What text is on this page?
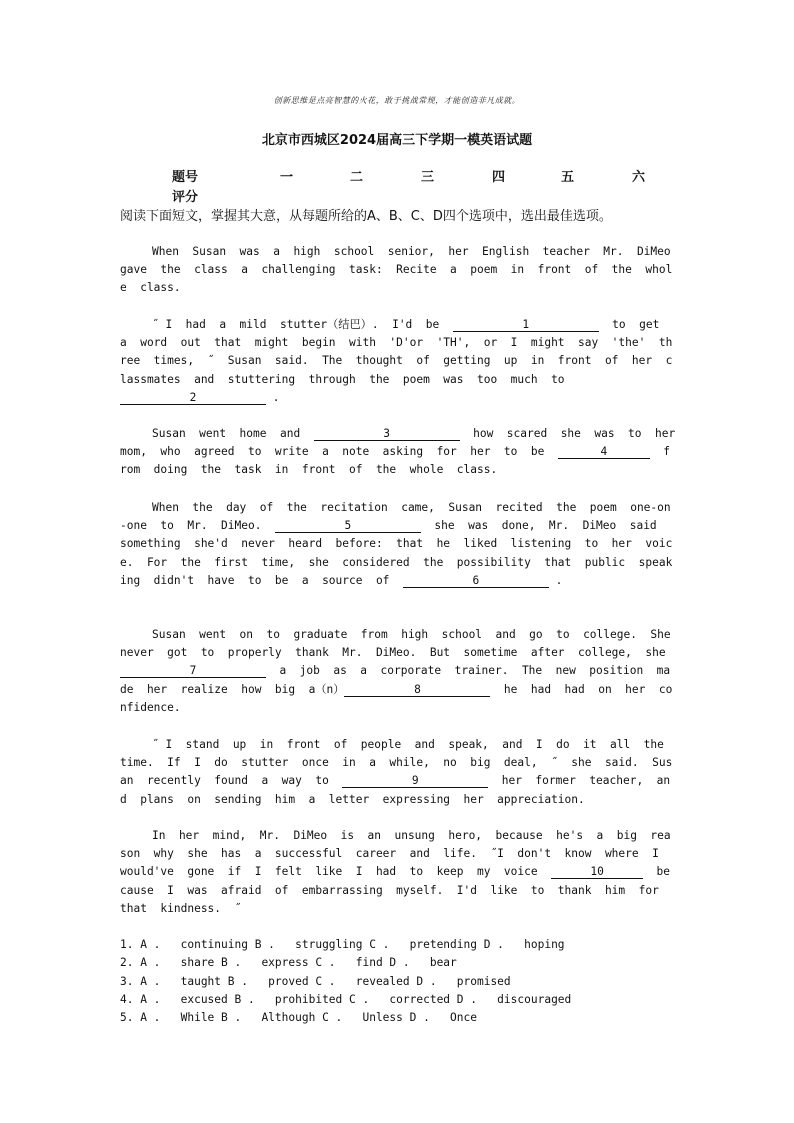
创新思维是点亮智慧的火花，敢于挑战常规，才能创造非凡成就。
北京市西城区2024届高三下学期一模英语试题
题号	一	二	三	四	五	六
评分
阅读下面短文，掌握其大意，从每题所给的A、B、C、D四个选项中，选出最佳选项。
When  Susan  was  a  high  school  senior,  her  English  teacher  Mr.  DiMeo  gave  the  class  a  challenging  task:  Recite  a  poem  in  front  of  the  whole  class.
˝ I  had  a  mild  stutter（结巴）.  I'd  be	1	to  get  a  word  out  that  might  begin  with  'D'or  'TH',  or  I  might  say  'the'  three  times,  ˝  Susan  said.  The  thought  of  getting  up  in  front  of  her  classmates  and  stuttering  through  the  poem  was  too  much  to  2	.
Susan  went  home  and	3	how  scared  she  was  to  her  mom,  who  agreed  to  write  a  note  asking  for  her  to  be	4	from  doing  the  task  in  front  of  the  whole  class.
When  the  day  of  the  recitation  came,  Susan  recited  the  poem  one-on-one  to  Mr.  DiMeo.	5	she  was  done,  Mr.  DiMeo  said  something  she'd  never  heard  before:  that  he  liked  listening  to  her  voice.  For  the  first  time,  she  considered  the  possibility  that  public  speaking  didn't  have  to  be  a  source  of	6	.
Susan  went  on  to  graduate  from  high  school  and  go  to  college.  She  never  got  to  properly  thank  Mr.  DiMeo.  But  sometime  after  college,  she  7	a  job  as  a  corporate  trainer.  The  new  position  made  her  realize  how  big  a（n）	8	he  had  had  on  her  confidence.
˝ I  stand  up  in  front  of  people  and  speak,  and  I  do  it  all  the  time.  If  I  do  stutter  once  in  a  while,  no  big  deal,  ˝  she  said.  Susan  recently  found  a  way  to	9	her  former  teacher,  and  plans  on  sending  him  a  letter  expressing  her  appreciation.
In  her  mind,  Mr.  DiMeo  is  an  unsung  hero,  because  he's  a  big  reason  why  she  has  a  successful  career  and  life.  ˝I  don't  know  where  I  would've  gone  if  I  felt  like  I  had  to  keep  my  voice	10	because  I  was  afraid  of  embarrassing  myself.  I'd  like  to  thank  him  for  that  kindness.  ˝
1. A .   continuing B .   struggling C .   pretending D .   hoping
2. A .   share B .   express C .   find D .   bear
3. A .   taught B .   proved C .   revealed D .   promised
4. A .   excused B .   prohibited C .   corrected D .   discouraged
5. A .   While B .   Although C .   Unless D .   Once
